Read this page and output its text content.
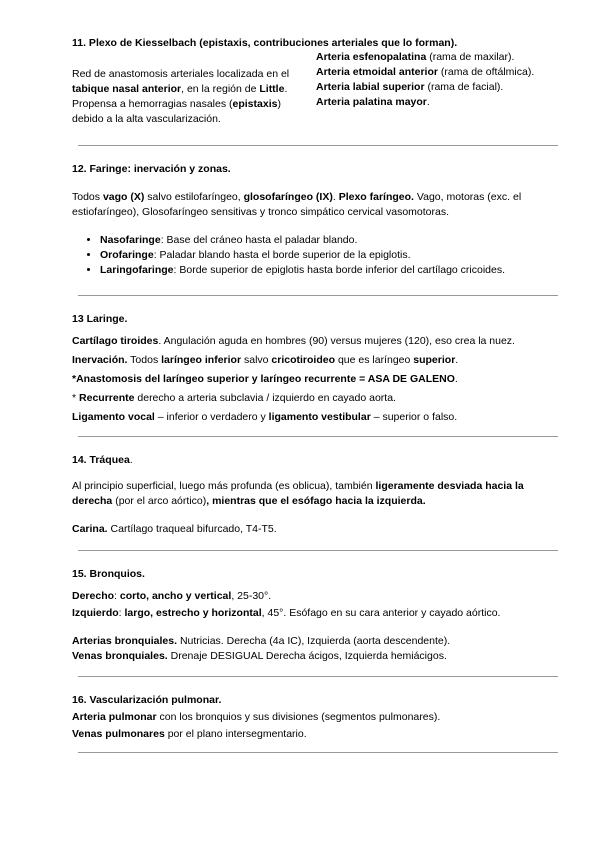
11. Plexo de Kiesselbach (epistaxis, contribuciones arteriales que lo forman).

Red de anastomosis arteriales localizada en el tabique nasal anterior, en la región de Little.
Propensa a hemorragias nasales (epistaxis) debido a la alta vascularización.

Arteria esfenopalatina (rama de maxilar).

Arteria etmoidal anterior (rama de oftálmica).

Arteria labial superior (rama de facial).

Arteria palatina mayor.

12. Faringe: inervación y zonas.

Todos vago (X) salvo estilofaríngeo, glosofaríngeo (IX). Plexo faríngeo. Vago, motoras (exc. el estiofaríngeo), Glosofaríngeo sensitivas y tronco simpático cervical vasomotoras.

• Nasofaringe: Base del cráneo hasta el paladar blando.
• Orofaringe: Paladar blando hasta el borde superior de la epiglotis.
• Laringofaringe: Borde superior de epiglotis hasta borde inferior del cartílago cricoides.
13 Laringe.

Cartílago tiroides. Angulación aguda en hombres (90) versus mujeres (120), eso crea la nuez.

Inervación. Todos laríngeo inferior salvo cricotiroideo que es laríngeo superior.

*Anastomosis del laríngeo superior y laríngeo recurrente = ASA DE GALENO.

* Recurrente derecho a arteria subclavia / izquierdo en cayado aorta.

Ligamento vocal – inferior o verdadero y ligamento vestibular – superior o falso.

14. Tráquea.

Al principio superficial, luego más profunda (es oblicua), también ligeramente desviada hacia la derecha (por el arco aórtico), mientras que el esófago hacia la izquierda.

Carina. Cartílago traqueal bifurcado, T4-T5.

15. Bronquios.

Derecho: corto, ancho y vertical, 25-30°.

Izquierdo: largo, estrecho y horizontal, 45°. Esófago en su cara anterior y cayado aórtico.

Arterias bronquiales. Nutricias. Derecha (4a IC), Izquierda (aorta descendente).

Venas bronquiales. Drenaje DESIGUAL Derecha ácigos, Izquierda hemiácigos.

16. Vascularización pulmonar.

Arteria pulmonar con los bronquios y sus divisiones (segmentos pulmonares).

Venas pulmonares por el plano intersegmentario.
